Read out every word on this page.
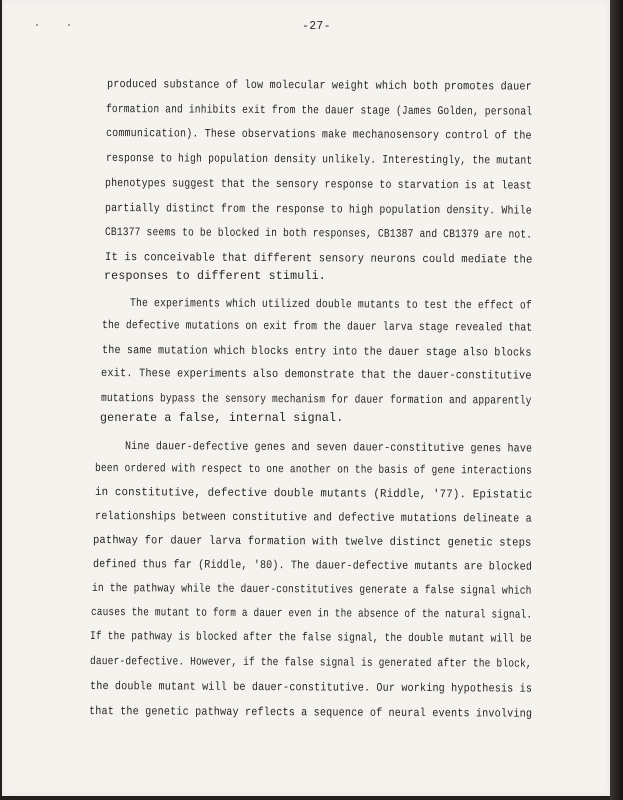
-27-
produced substance of low molecular weight which both promotes dauer
formation and inhibits exit from the dauer stage (James Golden, personal
communication). These observations make mechanosensory control of the
response to high population density unlikely. Interestingly, the mutant
phenotypes suggest that the sensory response to starvation is at least
partially distinct from the response to high population density. While
CB1377 seems to be blocked in both responses, CB1387 and CB1379 are not.
It is conceivable that different sensory neurons could mediate the
responses to different stimuli.
The experiments which utilized double mutants to test the effect of
the defective mutations on exit from the dauer larva stage revealed that
the same mutation which blocks entry into the dauer stage also blocks
exit. These experiments also demonstrate that the dauer-constitutive
mutations bypass the sensory mechanism for dauer formation and apparently
generate a false, internal signal.
Nine dauer-defective genes and seven dauer-constitutive genes have
been ordered with respect to one another on the basis of gene interactions
in constitutive, defective double mutants (Riddle, '77). Epistatic
relationships between constitutive and defective mutations delineate a
pathway for dauer larva formation with twelve distinct genetic steps
defined thus far (Riddle, '80). The dauer-defective mutants are blocked
in the pathway while the dauer-constitutives generate a false signal which
causes the mutant to form a dauer even in the absence of the natural signal.
If the pathway is blocked after the false signal, the double mutant will be
dauer-defective. However, if the false signal is generated after the block,
the double mutant will be dauer-constitutive. Our working hypothesis is
that the genetic pathway reflects a sequence of neural events involving
